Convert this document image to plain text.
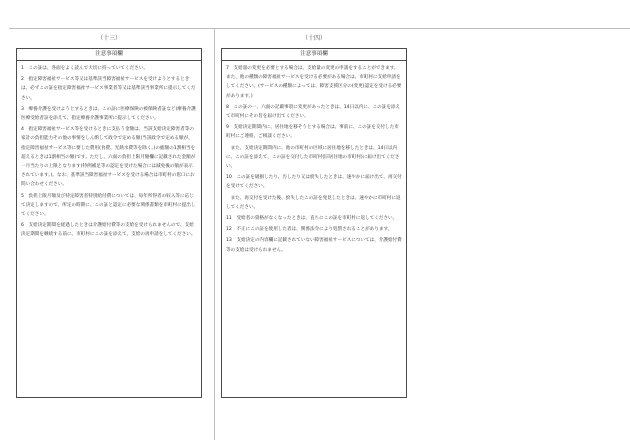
（十三）
注意事項欄

1　この証は、各面をよく読んで大切に持っていてください。

2　指定障害福祉サービス等又は基準該当障害福祉サービスを受けようとするときは、必ずこの証を指定障害福祉サービス事業者等又は基準該当事業所に提示してください。

3　療養介護を受けようとするときは、この証に医療保険の被保険者証など(療養介護医療受給者証を添えて、指定療養介護事業所に提示してください。

4　指定障害福祉サービス等を受けるときに支払う金額は、当該支給決定障害者等の家計の負担能力その他の事情をしん酌して政令で定める額(当該政令で定める額が、指定障害福祉サービス等に要した費用(食費、光熱水費等を除く。)の総額の1割相当を超えるときは1割相当の額)です。ただし、六面の負担上限月額欄に記載された金額が一月当たりの上限となります(特例補足等の認定を受けた場合には減免後の額が表示されています。)。なお、基準該当障害福祉サービスを受ける場合は市町村の窓口にお問い合わせください。

5　負担上限月額及び特定障害者特別給付費については、毎年所得者の収入等に応じて決定しますので、所定の時期に、この証と認定に必要な関係書類を市町村に提出してください。

6　支給決定期間を経過したときは介護給付費等の支給を受けられませんので、支給決定期間を継続する前に、市町村にこの証を添えて、支給の再申請をしてください。

（十四）
注意事項欄

7　支給量の変更を必要とする場合は、支給量の変更の申請をすることができます。また、他の種類の障害福祉サービスを受ける必要がある場合は、市町村に支給申請をしてください。(サービスの種類によっては、障害支援区分の(変更)認定を受ける必要があります。)

8　この証の一、六面の記載事項に変更があったときは、14日以内に、この証を添えて市町村にその旨を届け出てください。

9　支給決定期間内に、居住地を移そうとする場合は、事前に、この証を交付した市町村にご連絡、ご相談ください。

　また、支給決定期間内に、他の市町村の区域に居住地を移したときは、14日以内に、この証を添えて、この証を交付した市町村(旧居住地の市町村)に届け出てください。

10　この証を破損したり、汚したり又は紛失したときは、速やかに届け出て、再交付を受けてください。

　また、再交付を受けた後、紛失したこの証を発見したときは、速やかに市町村に返してください。

11　受給者の資格がなくなったときは、直ちにこの証を市町村に返してください。

12　不正にこの証を使用した者は、関係法令により処罰されることがあります。

13　支給決定の内容欄に記載されていない障害福祉サービスについては、介護給付費等の支給は受けられません。
